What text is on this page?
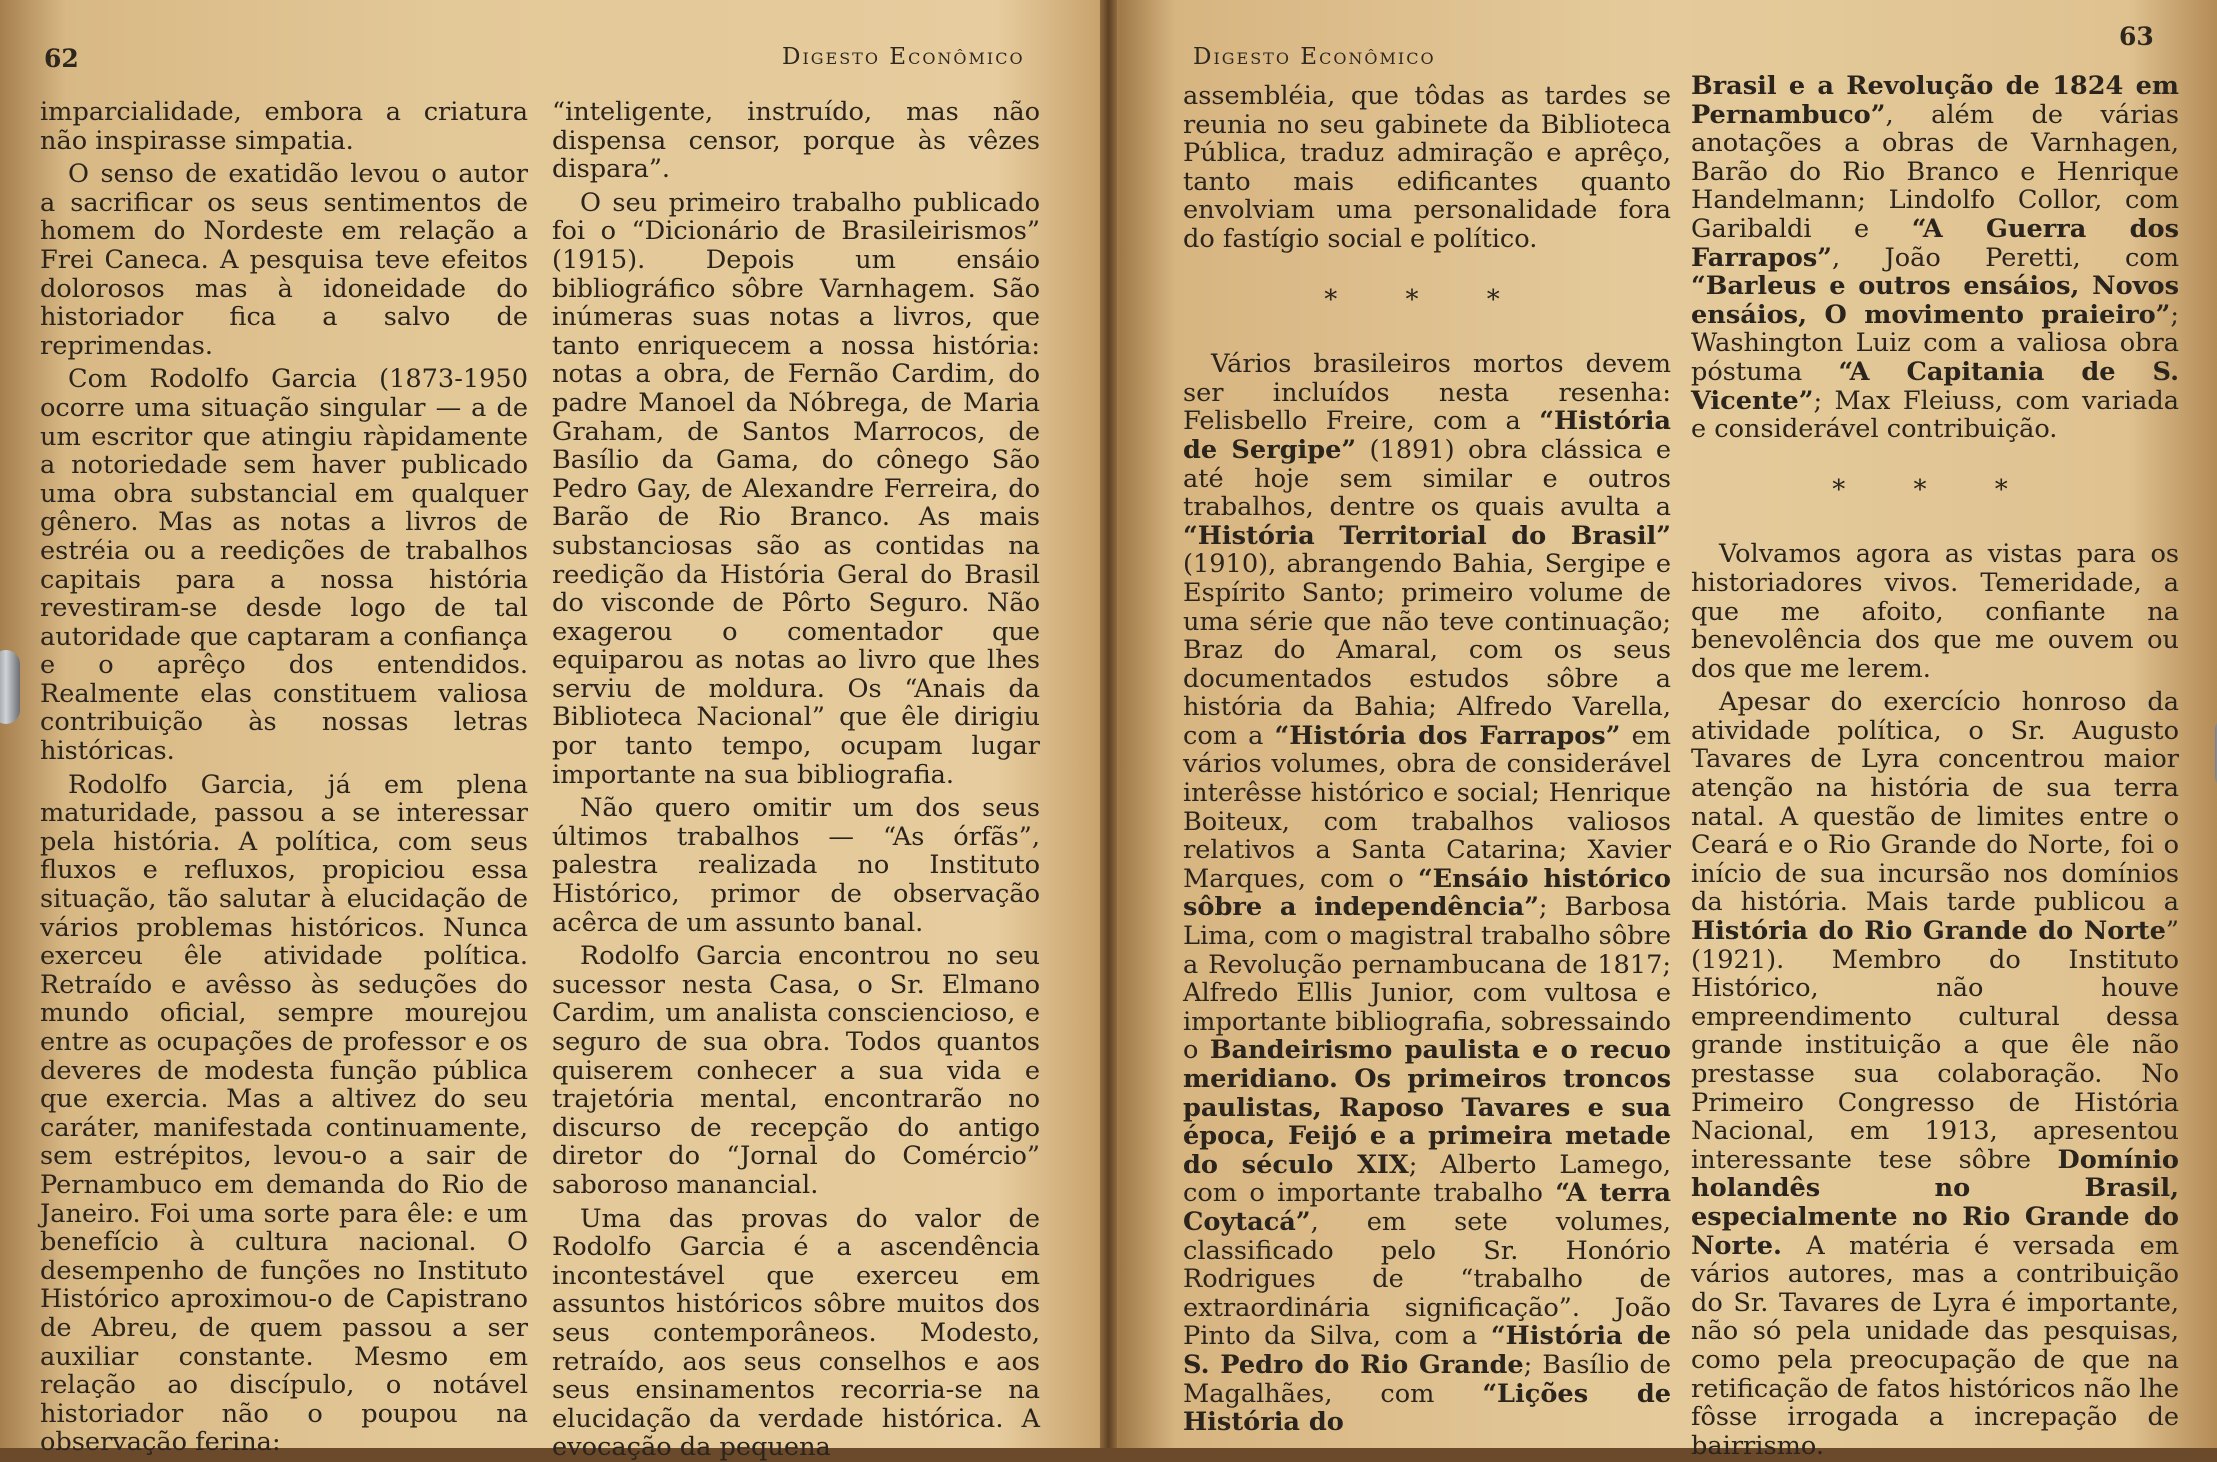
62	Digesto Econômico

imparcialidade, embora a criatura não inspirasse simpatia.

O senso de exatidão levou o autor a sacrificar os seus sentimentos de homem do Nordeste em relação a Frei Caneca. A pesquisa teve efeitos dolorosos mas à idoneidade do historiador fica a salvo de reprimendas.

Com Rodolfo Garcia (1873-1950 ocorre uma situação singular — a de um escritor que atingiu ràpidamente a notoriedade sem haver publicado uma obra substancial em qualquer gênero. Mas as notas a livros de estréia ou a reedições de trabalhos capitais para a nossa história revestiram-se desde logo de tal autoridade que captaram a confiança e o aprêço dos entendidos. Realmente elas constituem valiosa contribuição às nossas letras históricas.

Rodolfo Garcia, já em plena maturidade, passou a se interessar pela história. A política, com seus fluxos e refluxos, propiciou essa situação, tão salutar à elucidação de vários problemas históricos. Nunca exerceu êle atividade política. Retraído e avêsso às seduções do mundo oficial, sempre mourejou entre as ocupações de professor e os deveres de modesta função pública que exercia. Mas a altivez do seu caráter, manifestada continuamente, sem estrépitos, levou-o a sair de Pernambuco em demanda do Rio de Janeiro. Foi uma sorte para êle: e um benefício à cultura nacional. O desempenho de funções no Instituto Histórico aproximou-o de Capistrano de Abreu, de quem passou a ser auxiliar constante. Mesmo em relação ao discípulo, o notável historiador não o poupou na observação ferina:

“inteligente, instruído, mas não dispensa censor, porque às vêzes dispara”.

O seu primeiro trabalho publicado foi o “Dicionário de Brasileirismos” (1915). Depois um ensáio bibliográfico sôbre Varnhagem. São inúmeras suas notas a livros, que tanto enriquecem a nossa história: notas a obra, de Fernão Cardim, do padre Manoel da Nóbrega, de Maria Graham, de Santos Marrocos, de Basílio da Gama, do cônego São Pedro Gay, de Alexandre Ferreira, do Barão de Rio Branco. As mais substanciosas são as contidas na reedição da História Geral do Brasil do visconde de Pôrto Seguro. Não exagerou o comentador que equiparou as notas ao livro que lhes serviu de moldura. Os “Anais da Biblioteca Nacional” que êle dirigiu por tanto tempo, ocupam lugar importante na sua bibliografia.

Não quero omitir um dos seus últimos trabalhos — “As órfãs”, palestra realizada no Instituto Histórico, primor de observação acêrca de um assunto banal.

Rodolfo Garcia encontrou no seu sucessor nesta Casa, o Sr. Elmano Cardim, um analista consciencioso, e seguro de sua obra. Todos quantos quiserem conhecer a sua vida e trajetória mental, encontrarão no discurso de recepção do antigo diretor do “Jornal do Comércio” saboroso manancial.

Uma das provas do valor de Rodolfo Garcia é a ascendência incontestável que exerceu em assuntos históricos sôbre muitos dos seus contemporâneos. Modesto, retraído, aos seus conselhos e aos seus ensinamentos recorria-se na elucidação da verdade histórica. A evocação da pequena

Digesto Econômico
63

assembléia, que tôdas as tardes se reunia no seu gabinete da Biblioteca Pública, traduz admiração e aprêço, tanto mais edificantes quanto envolviam uma personalidade fora do fastígio social e político.

* * *

Vários brasileiros mortos devem ser incluídos nesta resenha: Felisbello Freire, com a “História de Sergipe” (1891) obra clássica e até hoje sem similar e outros trabalhos, dentre os quais avulta a “História Territorial do Brasil” (1910), abrangendo Bahia, Sergipe e Espírito Santo; primeiro volume de uma série que não teve continuação; Braz do Amaral, com os seus documentados estudos sôbre a história da Bahia; Alfredo Varella, com a “História dos Farrapos” em vários volumes, obra de considerável interêsse histórico e social; Henrique Boiteux, com trabalhos valiosos relativos a Santa Catarina; Xavier Marques, com o “Ensáio histórico sôbre a independência”; Barbosa Lima, com o magistral trabalho sôbre a Revolução pernambucana de 1817; Alfredo Ellis Junior, com vultosa e importante bibliografia, sobressaindo o Bandeirismo paulista e o recuo meridiano. Os primeiros troncos paulistas, Raposo Tavares e sua época, Feijó e a primeira metade do século XIX; Alberto Lamego, com o importante trabalho “A terra Coytacá”, em sete volumes, classificado pelo Sr. Honório Rodrigues de “trabalho de extraordinária significação”. João Pinto da Silva, com a “História de S. Pedro do Rio Grande; Basílio de Magalhães, com “Lições de História do

Brasil e a Revolução de 1824 em Pernambuco”, além de várias anotações a obras de Varnhagen, Barão do Rio Branco e Henrique Handelmann; Lindolfo Collor, com Garibaldi e “A Guerra dos Farrapos”, João Peretti, com “Barleus e outros ensáios, Novos ensáios, O movimento praieiro”; Washington Luiz com a valiosa obra póstuma “A Capitania de S. Vicente”; Max Fleiuss, com variada e considerável contribuição.

* * *

Volvamos agora as vistas para os historiadores vivos. Temeridade, a que me afoito, confiante na benevolência dos que me ouvem ou dos que me lerem.

Apesar do exercício honroso da atividade política, o Sr. Augusto Tavares de Lyra concentrou maior atenção na história de sua terra natal. A questão de limites entre o Ceará e o Rio Grande do Norte, foi o início de sua incursão nos domínios da história. Mais tarde publicou a História do Rio Grande do Norte” (1921). Membro do Instituto Histórico, não houve empreendimento cultural dessa grande instituição a que êle não prestasse sua colaboração. No Primeiro Congresso de História Nacional, em 1913, apresentou interessante tese sôbre Domínio holandês no Brasil, especialmente no Rio Grande do Norte. A matéria é versada em vários autores, mas a contribuição do Sr. Tavares de Lyra é importante, não só pela unidade das pesquisas, como pela preocupação de que na retificação de fatos históricos não lhe fôsse irrogada a increpação de bairrismo.
